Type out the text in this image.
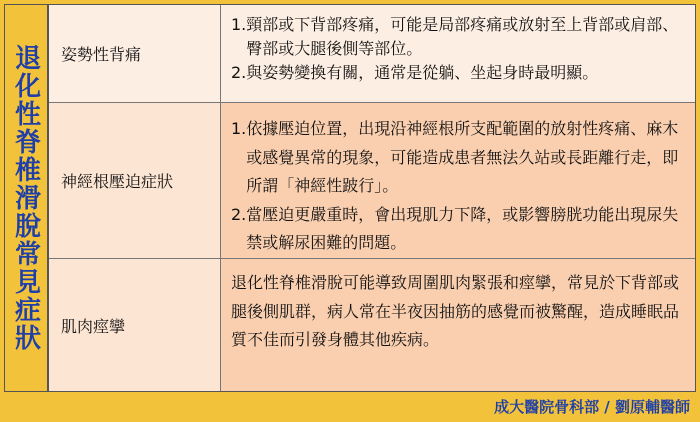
退化性脊椎滑脫常見症狀	姿勢性背痛
1. 頸部或下背部疼痛，可能是局部疼痛或放射至上背部或肩部、臀部或大腿後側等部位。
2. 與姿勢變換有關，通常是從躺、坐起身時最明顯。
神經根壓迫症狀
1. 依據壓迫位置，出現沿神經根所支配範圍的放射性疼痛、麻木或感覺異常的現象，可能造成患者無法久站或長距離行走，即所謂「神經性跛行」。
2. 當壓迫更嚴重時，會出現肌力下降，或影響膀胱功能出現尿失禁或解尿困難的問題。
肌肉痙攣
退化性脊椎滑脫可能導致周圍肌肉緊張和痙攣，常見於下背部或腿後側肌群，病人常在半夜因抽筋的感覺而被驚醒，造成睡眠品質不佳而引發身體其他疾病。
成大醫院骨科部 / 劉原輔醫師
